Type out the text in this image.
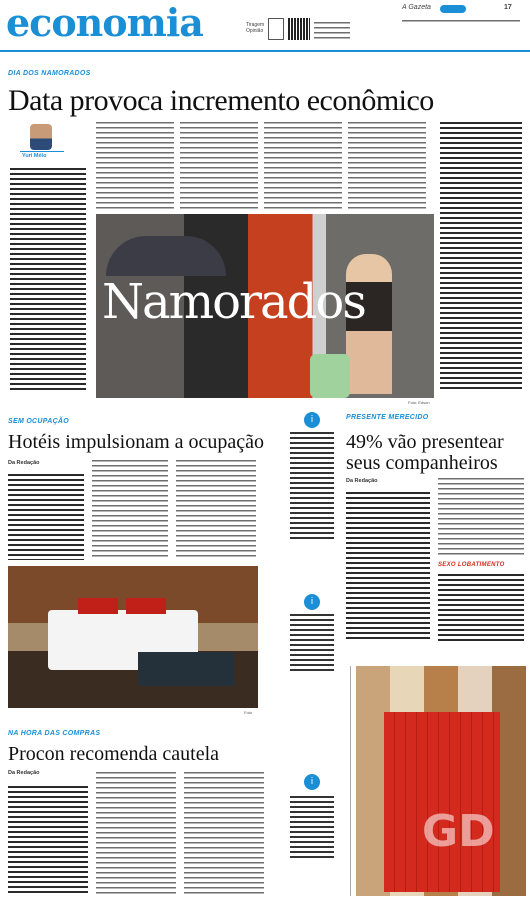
economia	Tiragem
Opinião
A Gazeta	17
DIA DOS NAMORADOS
Data provoca incremento econômico
Yuri Mélo
Namorados
Foto: Edson
SEM OCUPAÇÃO
Hotéis impulsionam a ocupação
Da Redação
Foto
i
i
i
PRESENTE MERECIDO
49% vão presentear seus companheiros
Da Redação
SEXO LOBATIMENTO
GD
NA HORA DAS COMPRAS
Procon recomenda cautela
Da Redação
